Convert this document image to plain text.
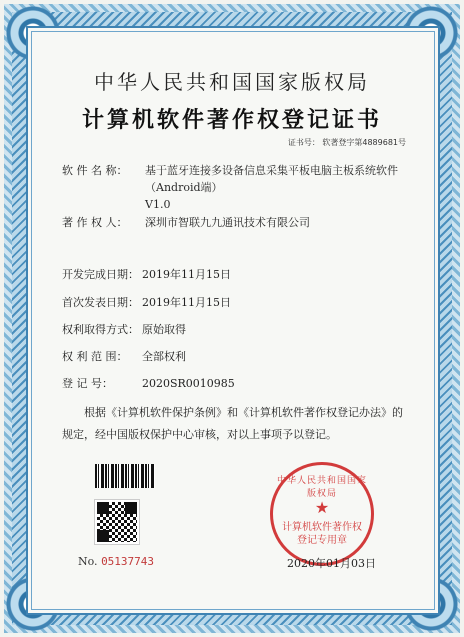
中华人民共和国国家版权局
计算机软件著作权登记证书
证书号： 软著登字第4889681号
软 件 名 称：	基于蓝牙连接多设备信息采集平板电脑主板系统软件
（Android端）
V1.0
著 作 权 人： 深圳市智联九九通讯技术有限公司
开发完成日期： 2019年11月15日
首次发表日期： 2019年11月15日
权利取得方式： 原始取得
权 利 范 围： 全部权利
登 记 号：	2020SR0010985
根据《计算机软件保护条例》和《计算机软件著作权登记办法》的
规定，经中国版权保护中心审核，对以上事项予以登记。
No. 05137743
中华人民共和国国家版权局
★
计算机软件著作权
登记专用章
2020年01月03日
